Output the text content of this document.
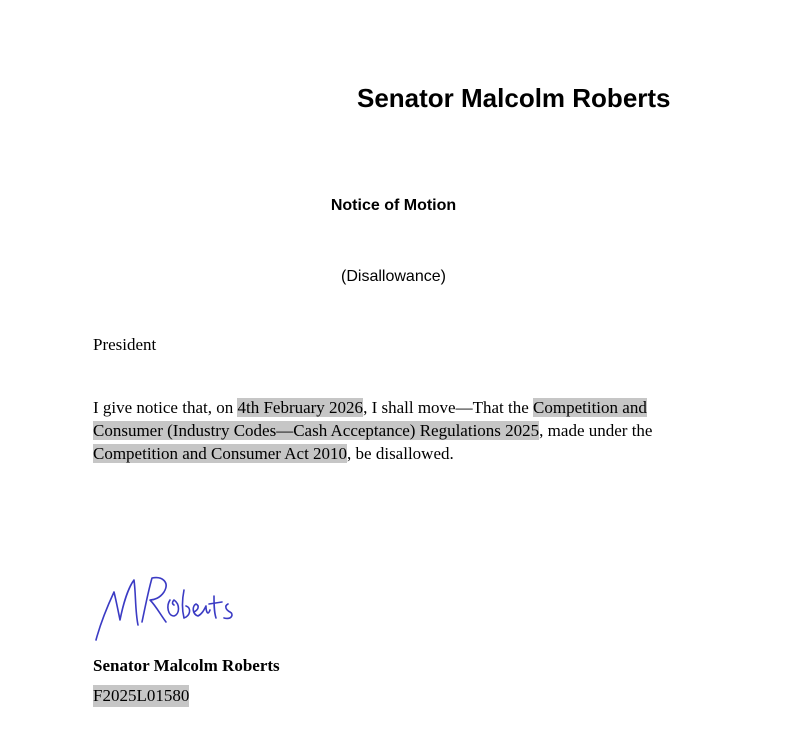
Senator Malcolm Roberts
Notice of Motion
(Disallowance)
President
I give notice that, on 4th February 2026, I shall move—That the Competition and Consumer (Industry Codes—Cash Acceptance) Regulations 2025, made under the Competition and Consumer Act 2010, be disallowed.
Senator Malcolm Roberts
F2025L01580
